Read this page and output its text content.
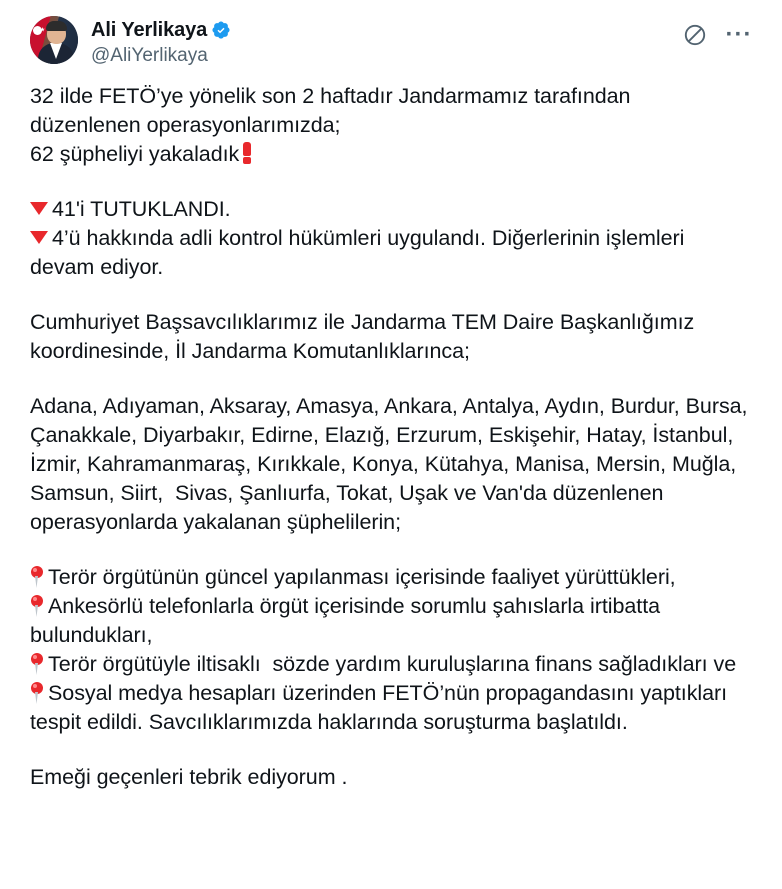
Ali Yerlikaya
@AliYerlikaya
···

32 ilde FETÖ’ye yönelik son 2 haftadır Jandarmamız tarafından
düzenlenen operasyonlarımızda;
62 şüpheliyi yakaladık

41'i TUTUKLANDI.
4’ü hakkında adli kontrol hükümleri uygulandı. Diğerlerinin işlemleri devam ediyor.

Cumhuriyet Başsavcılıklarımız ile Jandarma TEM Daire Başkanlığımız koordinesinde, İl Jandarma Komutanlıklarınca;

Adana, Adıyaman, Aksaray, Amasya, Ankara, Antalya, Aydın, Burdur, Bursa, Çanakkale, Diyarbakır, Edirne, Elazığ, Erzurum, Eskişehir, Hatay, İstanbul, İzmir, Kahramanmaraş, Kırıkkale, Konya, Kütahya, Manisa, Mersin, Muğla, Samsun, Siirt,  Sivas, Şanlıurfa, Tokat, Uşak ve Van'da düzenlenen operasyonlarda yakalanan şüphelilerin;

Terör örgütünün güncel yapılanması içerisinde faaliyet yürüttükleri,

Ankesörlü telefonlarla örgüt içerisinde sorumlu şahıslarla irtibatta bulundukları,

Terör örgütüyle iltisaklı  sözde yardım kuruluşlarına finans sağladıkları ve

Sosyal medya hesapları üzerinden FETÖ’nün propagandasını yaptıkları tespit edildi. Savcılıklarımızda haklarında soruşturma başlatıldı.

Emeği geçenleri tebrik ediyorum .
